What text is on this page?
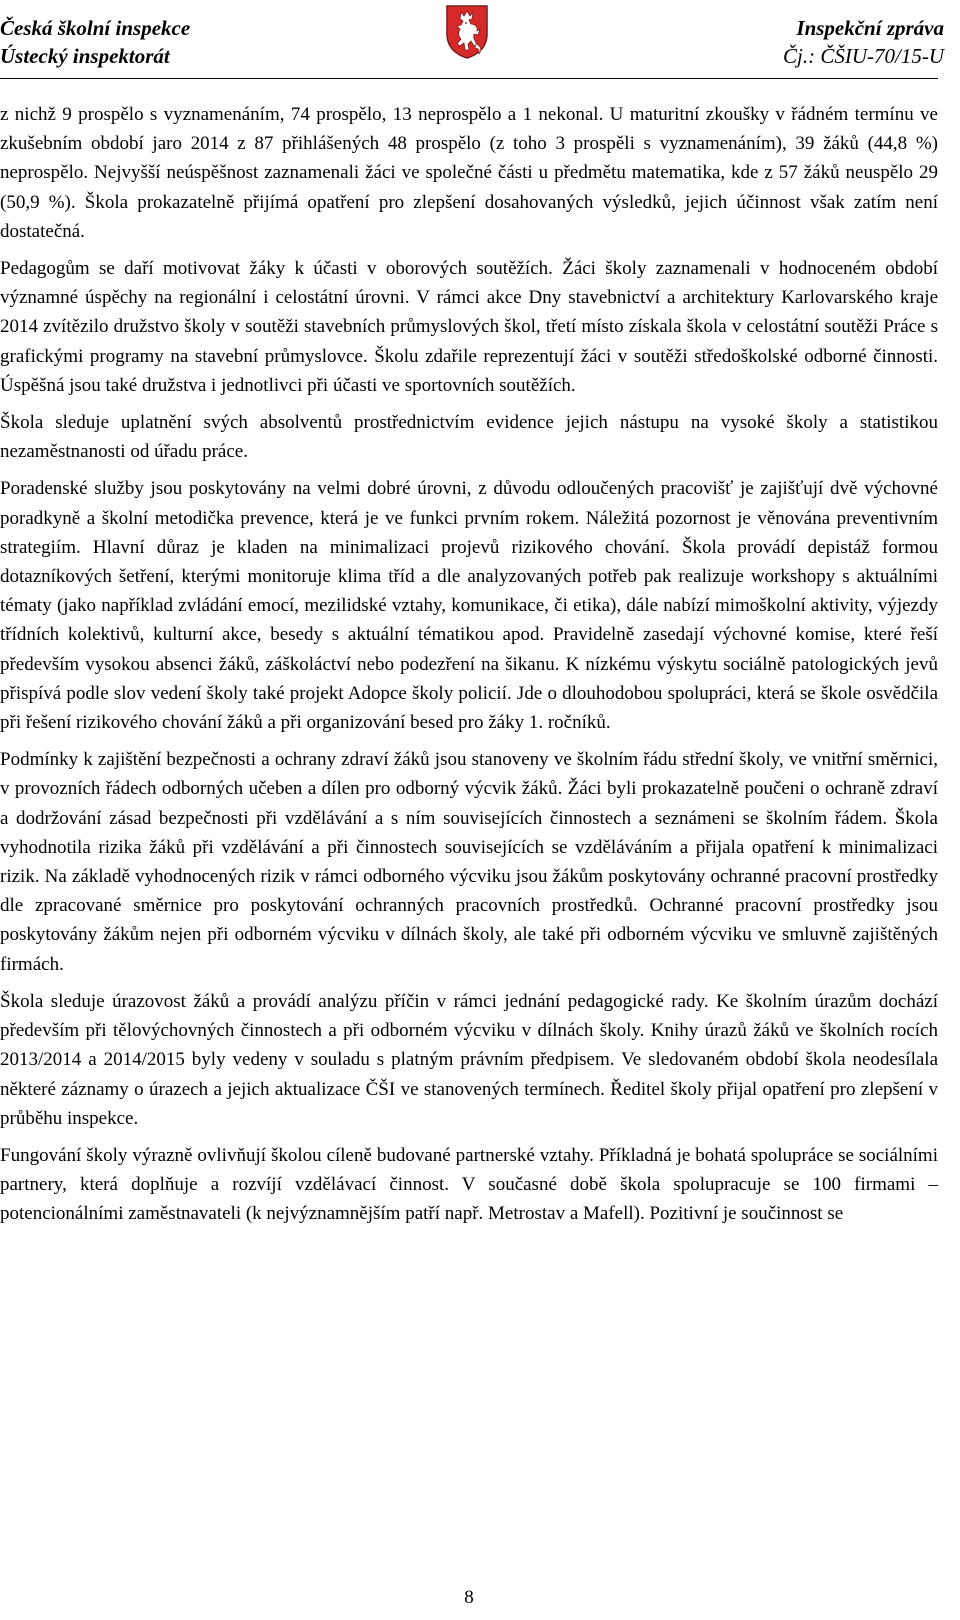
Česká školní inspekce
Ústecký inspektorát
Inspekční zpráva
Čj.: ČŠIU-70/15-U

z nichž 9 prospělo s vyznamenáním, 74 prospělo, 13 neprospělo a 1 nekonal. U maturitní zkoušky v řádném termínu ve zkušebním období jaro 2014 z 87 přihlášených 48 prospělo (z toho 3 prospěli s vyznamenáním), 39 žáků (44,8 %) neprospělo. Nejvyšší neúspěšnost zaznamenali žáci ve společné části u předmětu matematika, kde z 57 žáků neuspělo 29 (50,9 %). Škola prokazatelně přijímá opatření pro zlepšení dosahovaných výsledků, jejich účinnost však zatím není dostatečná.

Pedagogům se daří motivovat žáky k účasti v oborových soutěžích. Žáci školy zaznamenali v hodnoceném období významné úspěchy na regionální i celostátní úrovni. V rámci akce Dny stavebnictví a architektury Karlovarského kraje 2014 zvítězilo družstvo školy v soutěži stavebních průmyslových škol, třetí místo získala škola v celostátní soutěži Práce s grafickými programy na stavební průmyslovce. Školu zdařile reprezentují žáci v soutěži středoškolské odborné činnosti. Úspěšná jsou také družstva i jednotlivci při účasti ve sportovních soutěžích.

Škola sleduje uplatnění svých absolventů prostřednictvím evidence jejich nástupu na vysoké školy a statistikou nezaměstnanosti od úřadu práce.

Poradenské služby jsou poskytovány na velmi dobré úrovni, z důvodu odloučených pracovišť je zajišťují dvě výchovné poradkyně a školní metodička prevence, která je ve funkci prvním rokem. Náležitá pozornost je věnována preventivním strategiím. Hlavní důraz je kladen na minimalizaci projevů rizikového chování. Škola provádí depistáž formou dotazníkových šetření, kterými monitoruje klima tříd a dle analyzovaných potřeb pak realizuje workshopy s aktuálními tématy (jako například zvládání emocí, mezilidské vztahy, komunikace, či etika), dále nabízí mimoškolní aktivity, výjezdy třídních kolektivů, kulturní akce, besedy s aktuální tématikou apod. Pravidelně zasedají výchovné komise, které řeší především vysokou absenci žáků, záškoláctví nebo podezření na šikanu. K nízkému výskytu sociálně patologických jevů přispívá podle slov vedení školy také projekt Adopce školy policií. Jde o dlouhodobou spolupráci, která se škole osvědčila při řešení rizikového chování žáků a při organizování besed pro žáky 1. ročníků.

Podmínky k zajištění bezpečnosti a ochrany zdraví žáků jsou stanoveny ve školním řádu střední školy, ve vnitřní směrnici, v provozních řádech odborných učeben a dílen pro odborný výcvik žáků. Žáci byli prokazatelně poučeni o ochraně zdraví a dodržování zásad bezpečnosti při vzdělávání a s ním souvisejících činnostech a seznámeni se školním řádem. Škola vyhodnotila rizika žáků při vzdělávání a při činnostech souvisejících se vzděláváním a přijala opatření k minimalizaci rizik. Na základě vyhodnocených rizik v rámci odborného výcviku jsou žákům poskytovány ochranné pracovní prostředky dle zpracované směrnice pro poskytování ochranných pracovních prostředků. Ochranné pracovní prostředky jsou poskytovány žákům nejen při odborném výcviku v dílnách školy, ale také při odborném výcviku ve smluvně zajištěných firmách.

Škola sleduje úrazovost žáků a provádí analýzu příčin v rámci jednání pedagogické rady. Ke školním úrazům dochází především při tělovýchovných činnostech a při odborném výcviku v dílnách školy. Knihy úrazů žáků ve školních rocích 2013/2014 a 2014/2015 byly vedeny v souladu s platným právním předpisem. Ve sledovaném období škola neodesílala některé záznamy o úrazech a jejich aktualizace ČŠI ve stanovených termínech. Ředitel školy přijal opatření pro zlepšení v průběhu inspekce.

Fungování školy výrazně ovlivňují školou cíleně budované partnerské vztahy. Příkladná je bohatá spolupráce se sociálními partnery, která doplňuje a rozvíjí vzdělávací činnost. V současné době škola spolupracuje se 100 firmami – potencionálními zaměstnavateli (k nejvýznamnějším patří např. Metrostav a Mafell). Pozitivní je součinnost se

8
